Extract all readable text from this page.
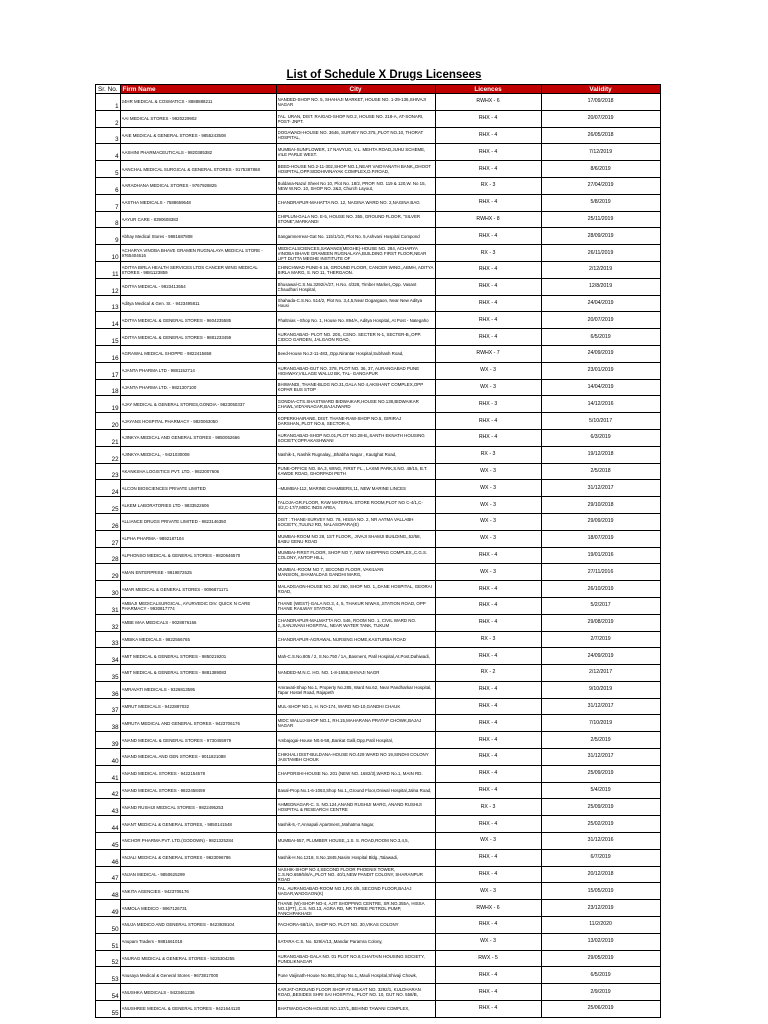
List of Schedule X Drugs Licensees
Sr. No.	Firm Name	City	Licences	Validity
1	24HR MEDICAL & COSMATICS - 8888888211	NANDED-SHOP NO. 5, SHAHAJI MARKET, HOUSE NO. 1-29-136,SHIVAJI NAGAR	RWHX - 6	17/09/2018
2	AAI MEDICAL STORES - 9920229902	TAL. URAN, DIST. RAIGAD-SHOP NO.2, HOUSE NO. 218-A, AT-SONARI, POST- JNPT.	RHX - 4	20/07/2019
3	AAIE MEDICAL & GENERAL STORES - 9855243508	DOGAWADI-HOUSE NO. 3646, SURVEY NO.375,,PLOT NO.10, THORAT HOSPITAL,	RHX - 4	26/05/2018
4	AASHINI PHARMACEUTICALS - 9820385382	MUMBAI-SUNFLOWER, 17 NAVYUG, V.L. MEHTA ROAD,JUHU SCHEME, VILE PARLE WEST.	RHX - 4	7/12/2019
5	AANCHAL MEDICAL SURGICAL & GENERAL STORES - 9175387868	BEED-HOUSE NO.2-11-302,SHOP NO.1,NEAR VAIDYANATH BANK,,DHOOT HOSPITAL,OPP.SIDDHIVINAYAK COMPLEX,D.P.ROAD,	RHX - 4	8/6/2019
6	AARADHANA MEDICAL STORES - 9767928825	Buldana-Nazul Sheet No 10, Plot No. 18/2, PROP. NO. 119 & 120,W. No 15, NEW W.NO. 10, SHOP NO. 2&3, Church Layout,	RX - 3	27/04/2019
7	AASTHA MEDICALS - 7588659648	CHANDRAPUR-MAHATTA NO. 12, NAGINA WARD NO. 2,NAGINA BAG	RHX - 4	5/8/2019
8	AAYUR CARE - 8390608383	CHIPLUN-GALA NO. E-5, HOUSE NO. 355, GROUND FLOOR, "SILVER STONE",MARKANDI	RWHX - 8	25/11/2019
9	Abhay Medical Stores - 9881687808	Sangamnerrear-Gat No. 115/1/1/2, Plot No. 5,Ashvani Hospital Compond	RHX - 4	28/09/2019
10	ACHARYA VINOBA BHAVE GRAMEN RUGNALAYA MEDICAL STORE - 9765404616	MEDICALSCIENCES,SAWANGI(MEGHE)-HOUSE NO. 284, ACHARYA VINOBA BHAVE GRAMEEN RUGNALAYA,BUILDING FIRST FLOOR,NEAR LIFT DUTTA MEGHE INSTITUTE OF	RX - 3	26/11/2019
11	ADITYA BIRLA HEALTH SERVICES LTDS CANCER WING MEDICAL STORES - 9881123859	CHINCHWAD PUNE-6 16, GROUND FLOOR, CANCER WING,,ABMH, ADITYA BIRLA MARG, S. NO 11, THERGAON.	RHX - 4	2/12/2019
12	ADITYA MEDICAL - 9923413554	Bhusawal-C.S.No.3292/A/27, H.No. 4/328, Timber Market,,Opp. Vasant Chaudhari Hospital,	RHX - 4	12/8/2019
13	Aditya Medical & Gen. St. - 9423495811	Shahada-C.S.No. 514/2, Plot No. 3,4,5,Near Dogargaon, Near New Aditya Housi	RHX - 4	24/04/2019
14	ADITYA MEDICAL & GENERAL STORES - 9604235585	Phaltnias --Shop No. 1, House No. 894/A, Aditya Hospital,,At Post - Nategaho	RHX - 4	20/07/2019
15	ADITYA MEDICAL & GENERAL STORES - 9881233459	AURANGABAD- PLOT NO. 20S, CSNO. SECTER N-1, SECTER-B,,OPP. CIDCO GARDEN, JALGAON ROAD,	RHX - 4	6/5/2019
16	AGRAWAL MEDICAL SHOPPE - 9822415658	Beed-House No.2-11-483,,Opp.Nirantar Hospital,Subhash Road,	RWHX - 7	24/09/2019
17	AJANTA PHARMA LTD - 9881152714	AURANGABAD-GUT NO. 378, PLOT NO. 36, 37, AURANGABAD PUNE HIGHWAY,VILLAGE WALUJ BK, TAL- GANGAPUR	WX - 3	23/01/2019
18	AJANTA PHARMA LTD. - 9821307100	BHIWANDI, THANE-BLDG NO.31,GALA NO 4,AKSHANT COMPLEX,OPP KOPAR BUS STOP	WX - 3	14/04/2019
19	AJAY MEDICAL & GENERAL STORES,GONDIA - 9823050337	GONDIA-CTS.SHASTWARD BIDWAIKAR,HOUSE NO.138,BIDWAIKAR CHAWL,VIDYANAGAR,BAJAJWARD	RHX - 3	14/12/2016
20	AJAYANS HOSPITAL PHARMACY - 9820063050	KOPERKHAIRANE, DIST. THANE-RAW-SHOP NO.5, GIRIRAJ DARSHAN,,PLOT NO.6, SECTOR-4,	RHX - 4	5/10/2017
21	AJINKYA MEDICAL AND GENERAL STORES - 9850052666	AURANGABAD-SHOP NO.01,PLOT NO.28-B,,SANTH EKNATH HOUSING SOCIETY,OPP.AKASHWANI	RHX - 4	6/3/2019
22	AJINKYA MEDICAL, - 9421030008	Nashik-1, Nashik Rugnalay,,,Bhabha Nagar , Kautghat Road,	RX - 3	19/12/2018
23	AKANKSHA LOGISTICS PVT. LTD. - 9822007606	PUNE-OFFICE NO. 8A,3, WING, FIRST FL., LAXMI PARK,S.NO. 49/15, B.T. KAWDE ROAD, GHORPADI PETH	WX - 3	2/5/2018
24	ALCON BIOSCIENCES PRIVATE LIMITED	--MUMBAI-112, MARINE CHAMBERS,11, NEW MARINE LINCES	WX - 3	31/12/2017
25	ALKEM LABORATORIES LTD - 9833522606	TALOJA-GR.FLOOR, RAW MATERIAL STORE ROOM,PLOT NO C-4/1,C-4/2,C-17/7,MIDC INDS AREA,	WX - 3	29/10/2018
26	ALLIANCE DRUGS PRIVATE LIMITED - 9823146350	DIST : THANE-SURVEY NO. 78, HISSA NO. 2, NR AATMA VALLABH SOCIETY,,TULINJ RD, NALASOPARA(E)	WX - 3	29/09/2019
27	ALPHA PHARMA - 9892187104	MUMBAI-ROOM NO 28, 1ST FLOOR,, JIVAJI SHAMJI BUILDING,,52/58, BABU GENU ROAD	WX - 3	18/07/2019
28	ALPHONSO MEDICAL & GENERAL STORES - 9820646570	MUMBAI-FIRST FLOOR, SHOP NO 7, NEW SHOPPING COMPLEX,,C.G.S. COLONY, ANTOP HILL,	RHX - 4	19/01/2016
29	AMAN ENTERPRISE - 9819872625	MUMBAI.-ROOM NO 7, SECOND FLOOR, VAKILVAN MANSION,,SHAMALDAS GANDHI MARG,	WX - 3	27/11/2016
30	AMAR MEDICAL & GENERAL STORES - 9096871171	MALADGAON-HOUSE NO. 26/ 260, SHOP NO. 1,,DANE HOSPITAL, GEORAI ROAD,	RHX - 4	26/10/2019
31	AMBAJI MEDICALSURGICAL, AYURVEDIC DIV. QUICK N CARE PHARMACY - 9930817774	THANE (WEST)-GALA NO.3, 4, 5, THAKUR NIWAS,,STATION ROAD, OPP THANE RAILWAY STATION,	RHX - 4	5/2/2017
32	AMBE MAA MEDICALS - 9028876166	CHANDRAPUR-MALMATTA NO. 546, ROOM NO. 1, CIVIL WARD NO. 2,,SANJIVANI HOSPITAL, NEAR WATER TANK, TUKUM	RHX - 4	29/08/2019
33	AMBIKA MEDICALS - 9822566765	CHANDRAPUR-AGRAWAL NURSING HOME,KASTURBA ROAD	RX - 3	2/7/2019
34	AMIT MEDICAL & GENERAL STORES - 9850219201	Mah-C.S.No.805 / 2, S.No.750 / 1A,,Basment, Patil Hospital,At.Post.Dahiwadi,	RHX - 4	24/09/2019
35	AMIT MEDICAL & GENERAL STORES - 9881389083	NANDED-M.N.C. HO. NO. 1-8-1558,SHIVAJI NAGR	RX - 2	2/12/2017
36	AMRAVATI MEDICALS - 9326813595	Amravati-Shop No.1, Property No.285, Ward No.62, Near Pandharkar Hospital, Tapar Hostel Road, Rajapeth	RHX - 4	9/10/2019
37	AMRUT MEDICALS - 9422897032	MUL-SHOP NO.1, H. NO-174, WARD NO-10,GANDHI CHAUK	RHX - 4	31/12/2017
38	AMRUTA MEDICAL AND GENERAL STORES - 9423706176	MIDC WALUJ-SHOP NO.1, RH.15,MAHARANA PRATAP CHOWK,BAJAJ NAGAR	RHX - 4	7/10/2019
39	ANAND MEDICAL & GENERAL STORES - 9730455979	Ambajogai-House N0.6-58,,Bankat Galli,Opp.Patil Hospital,	RHX - 4	2/5/2019
40	ANAND MEDICAL AND GEN STORES - 9011821088	CHIKHALI DIST-BULDANA-HOUSE NO.429 WARD NO 19,SINDHI COLONY JAISTAMBH CHOUK	RHX - 4	31/12/2017
41	ANAND MEDICAL STORES - 9422154578	CHAPORSHI-HOUSE No. 201 (NEW NO. 1682/3),WARD No.1, MAIN RD.	RHX - 4	25/09/2019
42	ANAND MEDICAL STORES - 9822458459	Basal-Prop.No.1-6-1063,Shop No.1,,Ground Floor,Oniwal Hospital,Jalna Road,	RHX - 4	5/4/2019
43	ANAND RUSHIJI MEDICAL STORES - 9822495253	AHMEDNAGAR-C. S. NO.124,ANAND RUSHIJI MARG, ANAND RUSHIJI HOSPITAL & RESEARCH CENTRE	RX - 3	25/09/2019
44	ANANT MEDICAL & GENERAL STORES, - 9850141548	Nashik-5,-7,Annapali Apartment,,Mahatma Nagar,	RHX - 4	25/02/2019
45	ANCHOR PHARMA PVT. LTD.(GODOWN) - 9821325284	MUMBAI-557, PLUMBER HOUSE,,1.S. S. ROAD,ROOM NO.3,4,5,	WX - 3	31/12/2016
46	ANJALI MEDICAL & GENERAL STORES - 9823096786	Nashik-H.No.1218, S.No.1845,Nasim Hospital Bldg.,Talawadi,	RHX - 4	6/7/2019
47	ANJAN MEDICAL - 9850625299	NASHIK-SHOP NO 4,SECOND FLOOR PHOENIX TOWER, C.S.NO.659/5/6/A,,PLOT NO. 40/1,NEW PANDIT COLONY, SHARANPUR ROAD	RHX - 4	20/12/2018
48	ANKITA AGENCIES - 9423706176	TAL. AURANGABAD-ROOM NO 1,RX 4/5, SECOND FLOOR,BAJAJ NAGAR,WADGAON(K)	WX - 3	15/05/2019
49	ANMOLA MEDICO - 9967126731	THANE (W)-SHOP NO-4, AJIT SHOPPING CENTRE, SR.NO.355A, HISSA NO.1(PT),,C.S. NO.13, AGRA RD, NR THREE PETROL PUMP, PANCHPAKHADI	RWHX - 6	23/12/2019
50	ANUJA MEDICO AND GENERAL STORES - 9423939104	PACHORA-58/1/A, SHOP NO. PLOT NO. 30,VIKAS COLONY	RHX - 4	11/2/2020
51	Anupam Traders - 9881661018	SATARA-C.S. No. 529/A/13,,Mandar Paramra Colony,	WX - 3	13/02/2019
52	ANURAG MEDICAL & GENERAL STORES - 9225304255	AURANGABAD-GALA NO. 01 PLOT NO.8,CHAITAIN HOUSING SOCIETY, PUNDLIKNAGAR	RWX - 5	29/05/2019
53	Anusaya Medical & General Stores - 9673817000	Pune Vaijinath-House No.961,Shop No.1,,Mauli Hospital,Shivaji Chowk,	RHX - 4	6/5/2019
54	ANUSHKA MEDICALS - 9423461236	KARJAT-GROUND FLOOR SHOP AT MILKAT NO. 3292/1, KULDHARAN ROAD,,BESIDES SHRI SAI HOSPITAL, PLOT NO. 10, GUT NO. 558/B,	RHX - 4	2/9/2019
55	ANUSHREE MEDICAL & GENERAL STORES - 9421644120	BHATWADGAON-HOUSE NO.137/1,,BEHIND TAWANI COMPLEX,	RHX - 4	25/06/2019
